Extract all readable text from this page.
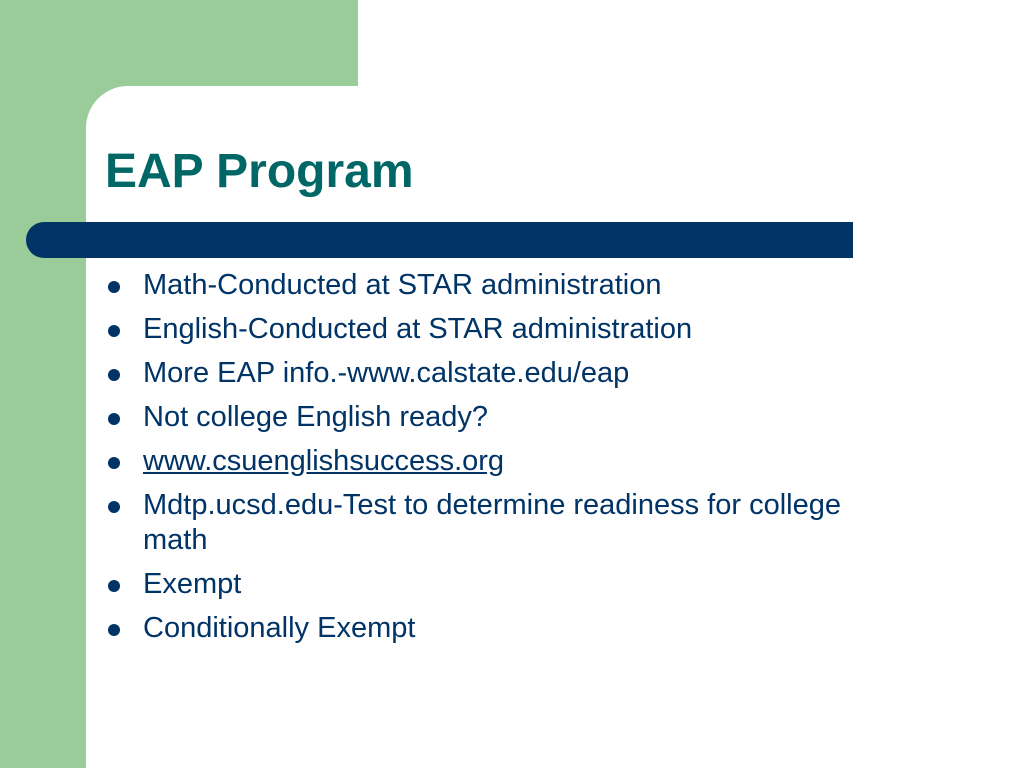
EAP Program
Math-Conducted at STAR administration
English-Conducted at STAR administration
More EAP info.-www.calstate.edu/eap
Not college English ready?
www.csuenglishsuccess.org
Mdtp.ucsd.edu-Test to determine readiness for college math
Exempt
Conditionally Exempt
